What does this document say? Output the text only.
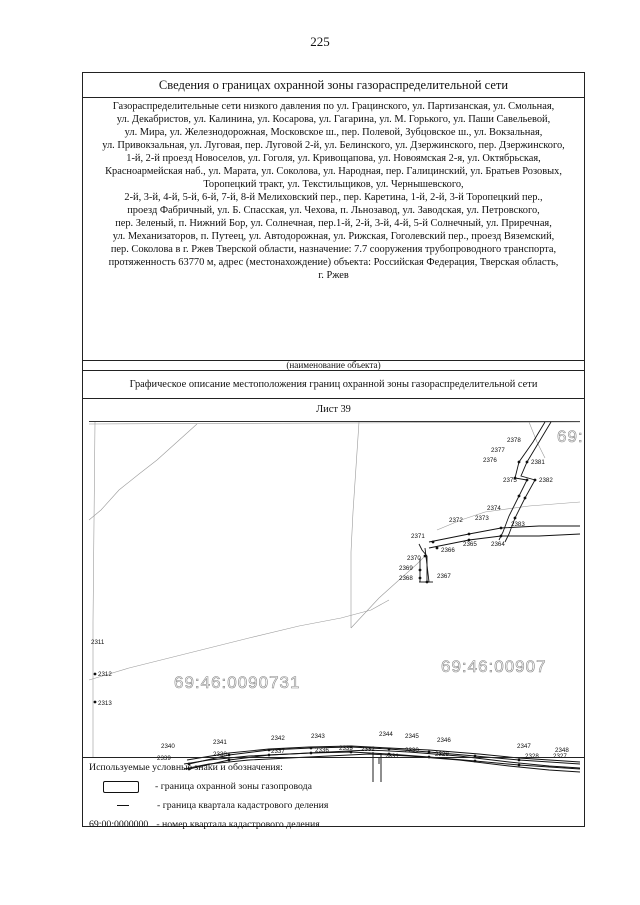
225
Сведения о границах охранной зоны газораспределительной сети
Газораспределительные сети низкого давления по ул. Грацинского, ул. Партизанская, ул. Смольная,
ул. Декабристов, ул. Калинина, ул. Косарова, ул. Гагарина, ул. М. Горького, ул. Паши Савельевой,
ул. Мира, ул. Железнодорожная, Московское ш., пер. Полевой, Зубцовское ш., ул. Вокзальная,
ул. Привокзальная, ул. Луговая, пер. Луговой 2-й, ул. Белинского, ул. Дзержинского, пер. Дзержинского,
1-й, 2-й проезд Новоселов, ул. Гоголя, ул. Кривощапова, ул. Новоямская 2-я, ул. Октябрьская,
Красноармейская наб., ул. Марата, ул. Соколова, ул. Народная, пер. Галицинский, ул. Братьев Розовых,
Торопецкий тракт, ул. Текстильщиков, ул. Чернышевского,
2-й, 3-й, 4-й, 5-й, 6-й, 7-й, 8-й Мелиховский пер., пер. Каретина, 1-й, 2-й, 3-й Торопецкий пер.,
проезд Фабричный, ул. Б. Спасская, ул. Чехова, п. Льнозавод, ул. Заводская, ул. Петровского,
пер. Зеленый, п. Нижний Бор, ул. Солнечная, пер.1-й, 2-й, 3-й, 4-й, 5-й Солнечный, ул. Приречная,
ул. Механизаторов, п. Путеец, ул. Автодорожная, ул. Рижская, Гоголевский пер., проезд Вяземский,
пер. Соколова в г. Ржев Тверской области, назначение: 7.7 сооружения трубопроводного транспорта,
протяженность 63770 м, адрес (местонахождение) объекта: Российская Федерация, Тверская область,
г. Ржев
(наименование объекта)
Графическое описание местоположения границ охранной зоны газораспределительной сети
Лист 39
69:46:0090731
69:46:00907
69:
2311
2312
2313
2339
2340
2341
2338
2342
2337
2343
2336 2335
2344
2332
2345
2330
2331
2346
2329
2347
2328
2348
2327
2364
2365
2366
2367
2368
2369
2370
2371
2372 2373
2374
2375
2376
2377
2378
2381
2382
2383
Используемые условные знаки и обозначения:
- граница охранной зоны газопровода
- граница квартала кадастрового деления
69:00:0000000 - номер квартала кадастрового деления
